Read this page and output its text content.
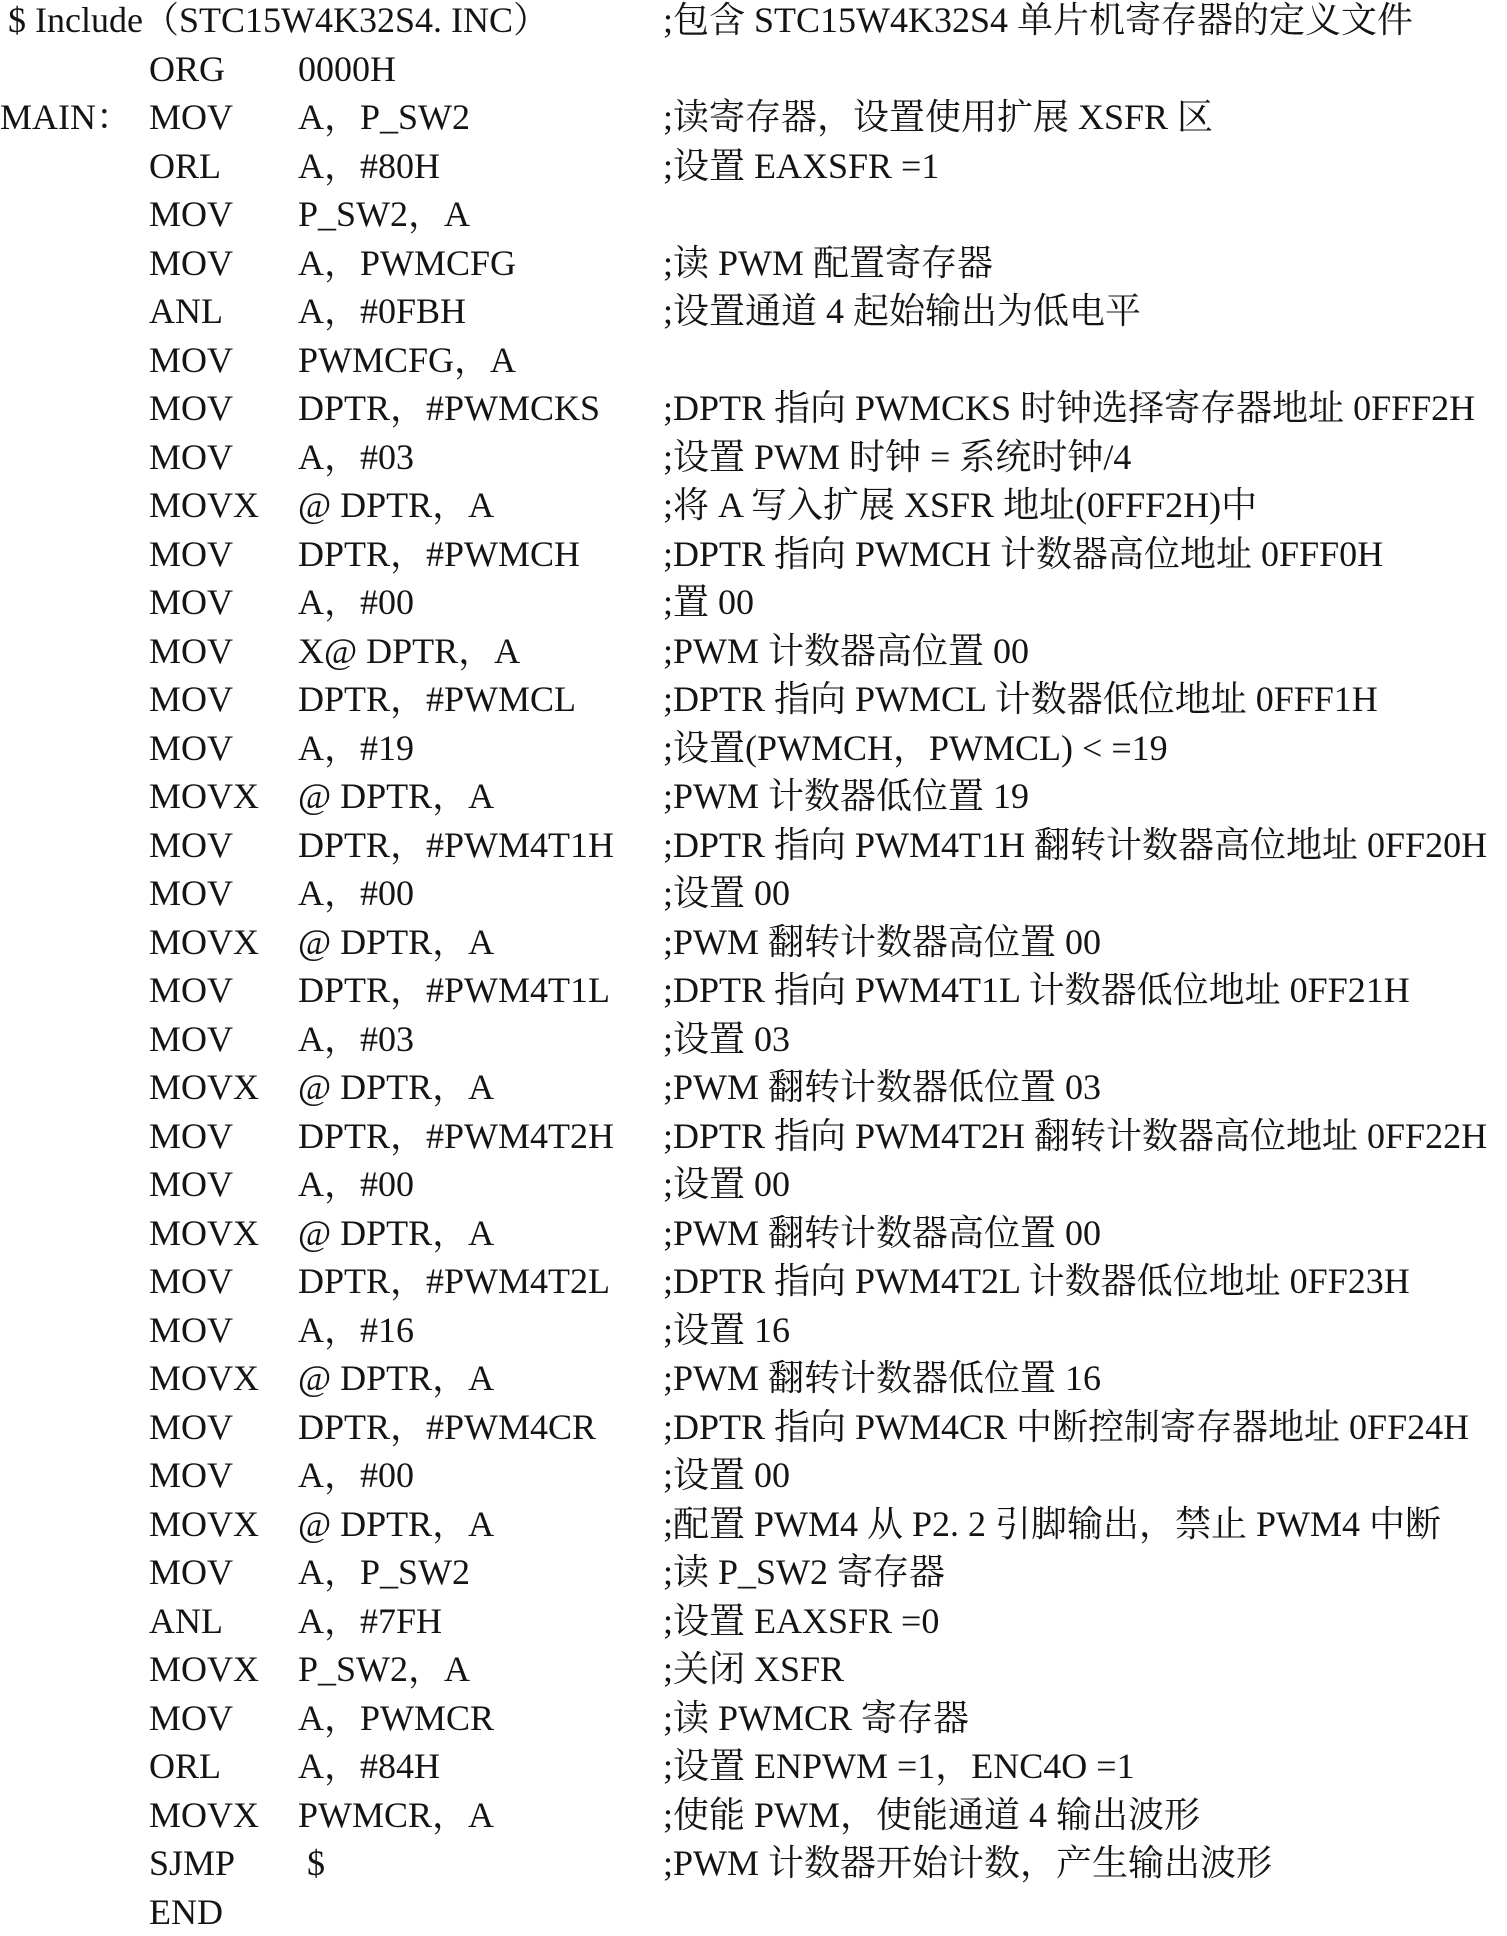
$ Include（STC15W4K32S4. INC）	;包含 STC15W4K32S4 单片机寄存器的定义文件
ORG 0000H
MAIN： MOV A，P_SW2	;读寄存器，设置使用扩展 XSFR 区
ORL A，#80H	;设置 EAXSFR =1
MOV P_SW2，A
MOV A，PWMCFG	;读 PWM 配置寄存器
ANL A，#0FBH	;设置通道 4 起始输出为低电平
MOV PWMCFG，A
MOV DPTR，#PWMCKS ;DPTR 指向 PWMCKS 时钟选择寄存器地址 0FFF2H
MOV A，#03	;设置 PWM 时钟 = 系统时钟/4
MOVX @ DPTR，A	;将 A 写入扩展 XSFR 地址(0FFF2H)中
MOV DPTR，#PWMCH ;DPTR 指向 PWMCH 计数器高位地址 0FFF0H
MOV A，#00	;置 00
MOV X@ DPTR，A	;PWM 计数器高位置 00
MOV DPTR，#PWMCL ;DPTR 指向 PWMCL 计数器低位地址 0FFF1H
MOV A，#19	;设置(PWMCH，PWMCL) < =19
MOVX @ DPTR，A	;PWM 计数器低位置 19
MOV DPTR，#PWM4T1H ;DPTR 指向 PWM4T1H 翻转计数器高位地址 0FF20H
MOV A，#00	;设置 00
MOVX @ DPTR，A	;PWM 翻转计数器高位置 00
MOV DPTR，#PWM4T1L ;DPTR 指向 PWM4T1L 计数器低位地址 0FF21H
MOV A，#03	;设置 03
MOVX @ DPTR，A	;PWM 翻转计数器低位置 03
MOV DPTR，#PWM4T2H ;DPTR 指向 PWM4T2H 翻转计数器高位地址 0FF22H
MOV A，#00	;设置 00
MOVX @ DPTR，A	;PWM 翻转计数器高位置 00
MOV DPTR，#PWM4T2L ;DPTR 指向 PWM4T2L 计数器低位地址 0FF23H
MOV A，#16	;设置 16
MOVX @ DPTR，A	;PWM 翻转计数器低位置 16
MOV DPTR，#PWM4CR ;DPTR 指向 PWM4CR 中断控制寄存器地址 0FF24H
MOV A，#00	;设置 00
MOVX @ DPTR，A	;配置 PWM4 从 P2. 2 引脚输出，禁止 PWM4 中断
MOV A，P_SW2	;读 P_SW2 寄存器
ANL A，#7FH	;设置 EAXSFR =0
MOVX P_SW2，A	;关闭 XSFR
MOV A，PWMCR	;读 PWMCR 寄存器
ORL A，#84H	;设置 ENPWM =1，ENC4O =1
MOVX PWMCR，A	;使能 PWM，使能通道 4 输出波形
SJMP $	;PWM 计数器开始计数，产生输出波形
END
